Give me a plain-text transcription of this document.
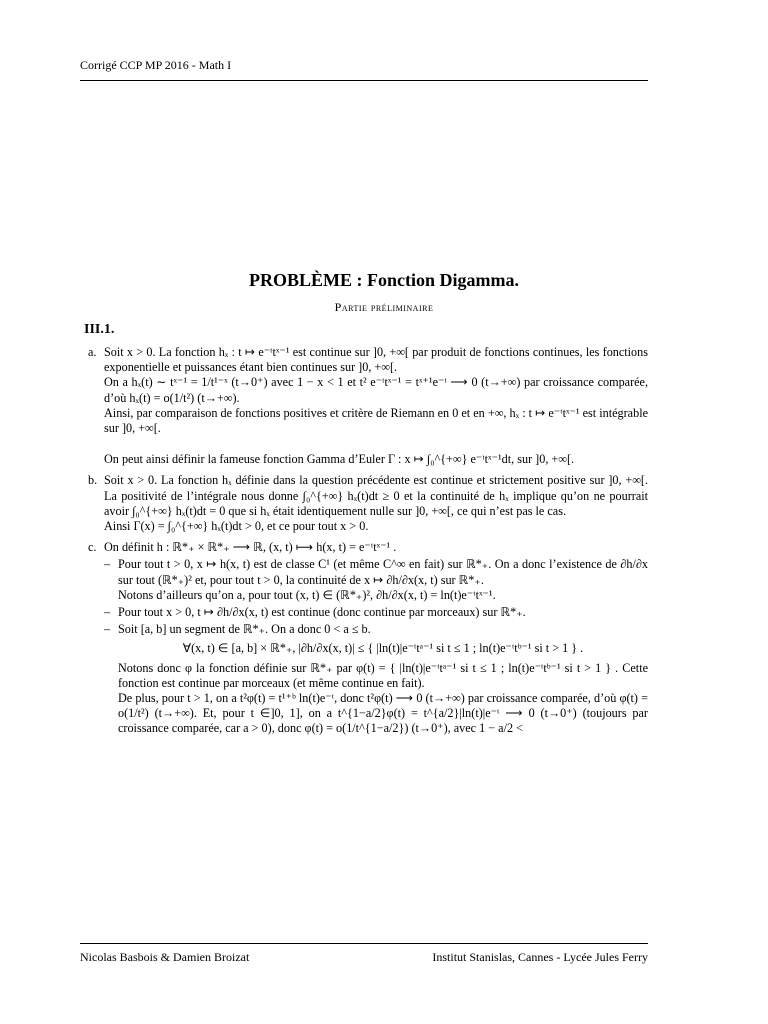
Corrigé CCP MP 2016 - Math I
PROBLÈME : Fonction Digamma.
Partie préliminaire
III.1.
a. Soit x > 0. La fonction hₓ : t ↦ e⁻ᵗtˣ⁻¹ est continue sur ]0, +∞[ par produit de fonctions continues, les fonctions exponentielle et puissances étant bien continues sur ]0, +∞[.

On a hₓ(t) ∼ tˣ⁻¹ = 1/t¹⁻ˣ (t→0⁺) avec 1 − x < 1 et t² e⁻ᵗtˣ⁻¹ = tˣ⁺¹e⁻ᵗ ⟶ 0 (t→+∞) par croissance comparée, d’où hₓ(t) = o(1/t²) (t→+∞).

Ainsi, par comparaison de fonctions positives et critère de Riemann en 0 et en +∞, hₓ : t ↦ e⁻ᵗtˣ⁻¹ est intégrable sur ]0, +∞[.

On peut ainsi définir la fameuse fonction Gamma d’Euler Γ : x ↦ ∫₀^{+∞} e⁻ᵗtˣ⁻¹dt, sur ]0, +∞[.

b. Soit x > 0. La fonction hₓ définie dans la question précédente est continue et strictement positive sur ]0, +∞[. La positivité de l’intégrale nous donne ∫₀^{+∞} hₓ(t)dt ≥ 0 et la continuité de hₓ implique qu’on ne pourrait avoir ∫₀^{+∞} hₓ(t)dt = 0 que si hₓ était identiquement nulle sur ]0, +∞[, ce qui n’est pas le cas.

Ainsi Γ(x) = ∫₀^{+∞} hₓ(t)dt > 0, et ce pour tout x > 0.

c. On définit h : ℝ*₊ × ℝ*₊ ⟶ ℝ, (x, t) ⟼ h(x, t) = e⁻ᵗtˣ⁻¹ .

– Pour tout t > 0, x ↦ h(x, t) est de classe C¹ (et même C^∞ en fait) sur ℝ*₊. On a donc l’existence de ∂h/∂x sur tout (ℝ*₊)² et, pour tout t > 0, la continuité de x ↦ ∂h/∂x(x, t) sur ℝ*₊.

Notons d’ailleurs qu’on a, pour tout (x, t) ∈ (ℝ*₊)², ∂h/∂x(x, t) = ln(t)e⁻ᵗtˣ⁻¹.

– Pour tout x > 0, t ↦ ∂h/∂x(x, t) est continue (donc continue par morceaux) sur ℝ*₊.

– Soit [a, b] un segment de ℝ*₊. On a donc 0 < a ≤ b.

∀(x, t) ∈ [a, b] × ℝ*₊, |∂h/∂x(x, t)| ≤ { |ln(t)|e⁻ᵗtᵃ⁻¹ si t ≤ 1 ; ln(t)e⁻ᵗtᵇ⁻¹ si t > 1 } .

Notons donc φ la fonction définie sur ℝ*₊ par φ(t) = { |ln(t)|e⁻ᵗtᵃ⁻¹ si t ≤ 1 ; ln(t)e⁻ᵗtᵇ⁻¹ si t > 1 } . Cette fonction est continue par morceaux (et même continue en fait).

De plus, pour t > 1, on a t²φ(t) = t¹⁺ᵇ ln(t)e⁻ᵗ, donc t²φ(t) ⟶ 0 (t→+∞) par croissance comparée, d’où φ(t) = o(1/t²) (t→+∞). Et, pour t ∈]0, 1], on a t^{1−a/2}φ(t) = t^{a/2}|ln(t)|e⁻ᵗ ⟶ 0 (t→0⁺) (toujours par croissance comparée, car a > 0), donc φ(t) = o(1/t^{1−a/2}) (t→0⁺), avec 1 − a/2 <

Nicolas Basbois & Damien Broizat	Institut Stanislas, Cannes - Lycée Jules Ferry
